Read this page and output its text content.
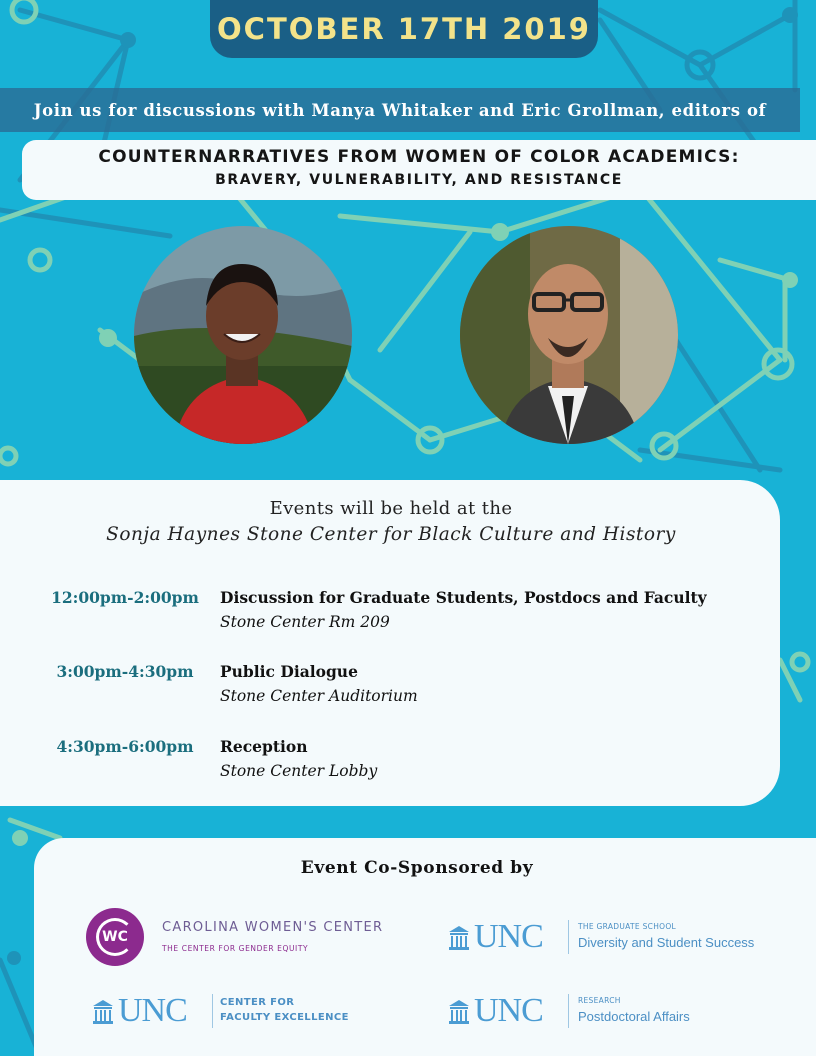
OCTOBER 17TH 2019
Join us for discussions with Manya Whitaker and Eric Grollman, editors of
COUNTERNARRATIVES FROM WOMEN OF COLOR ACADEMICS:
BRAVERY, VULNERABILITY, AND RESISTANCE
Events will be held at the
Sonja Haynes Stone Center for Black Culture and History
12:00pm-2:00pm	Discussion for Graduate Students, Postdocs and Faculty
Stone Center Rm 209
3:00pm-4:30pm	Public Dialogue
Stone Center Auditorium
4:30pm-6:00pm	Reception
Stone Center Lobby
Event Co-Sponsored by
WC
CAROLINA WOMEN'S CENTER
THE CENTER FOR GENDER EQUITY	UNC	THE GRADUATE SCHOOL
Diversity and Student Success
UNC	CENTER FOR
FACULTY EXCELLENCE	UNC	RESEARCH
Postdoctoral Affairs
